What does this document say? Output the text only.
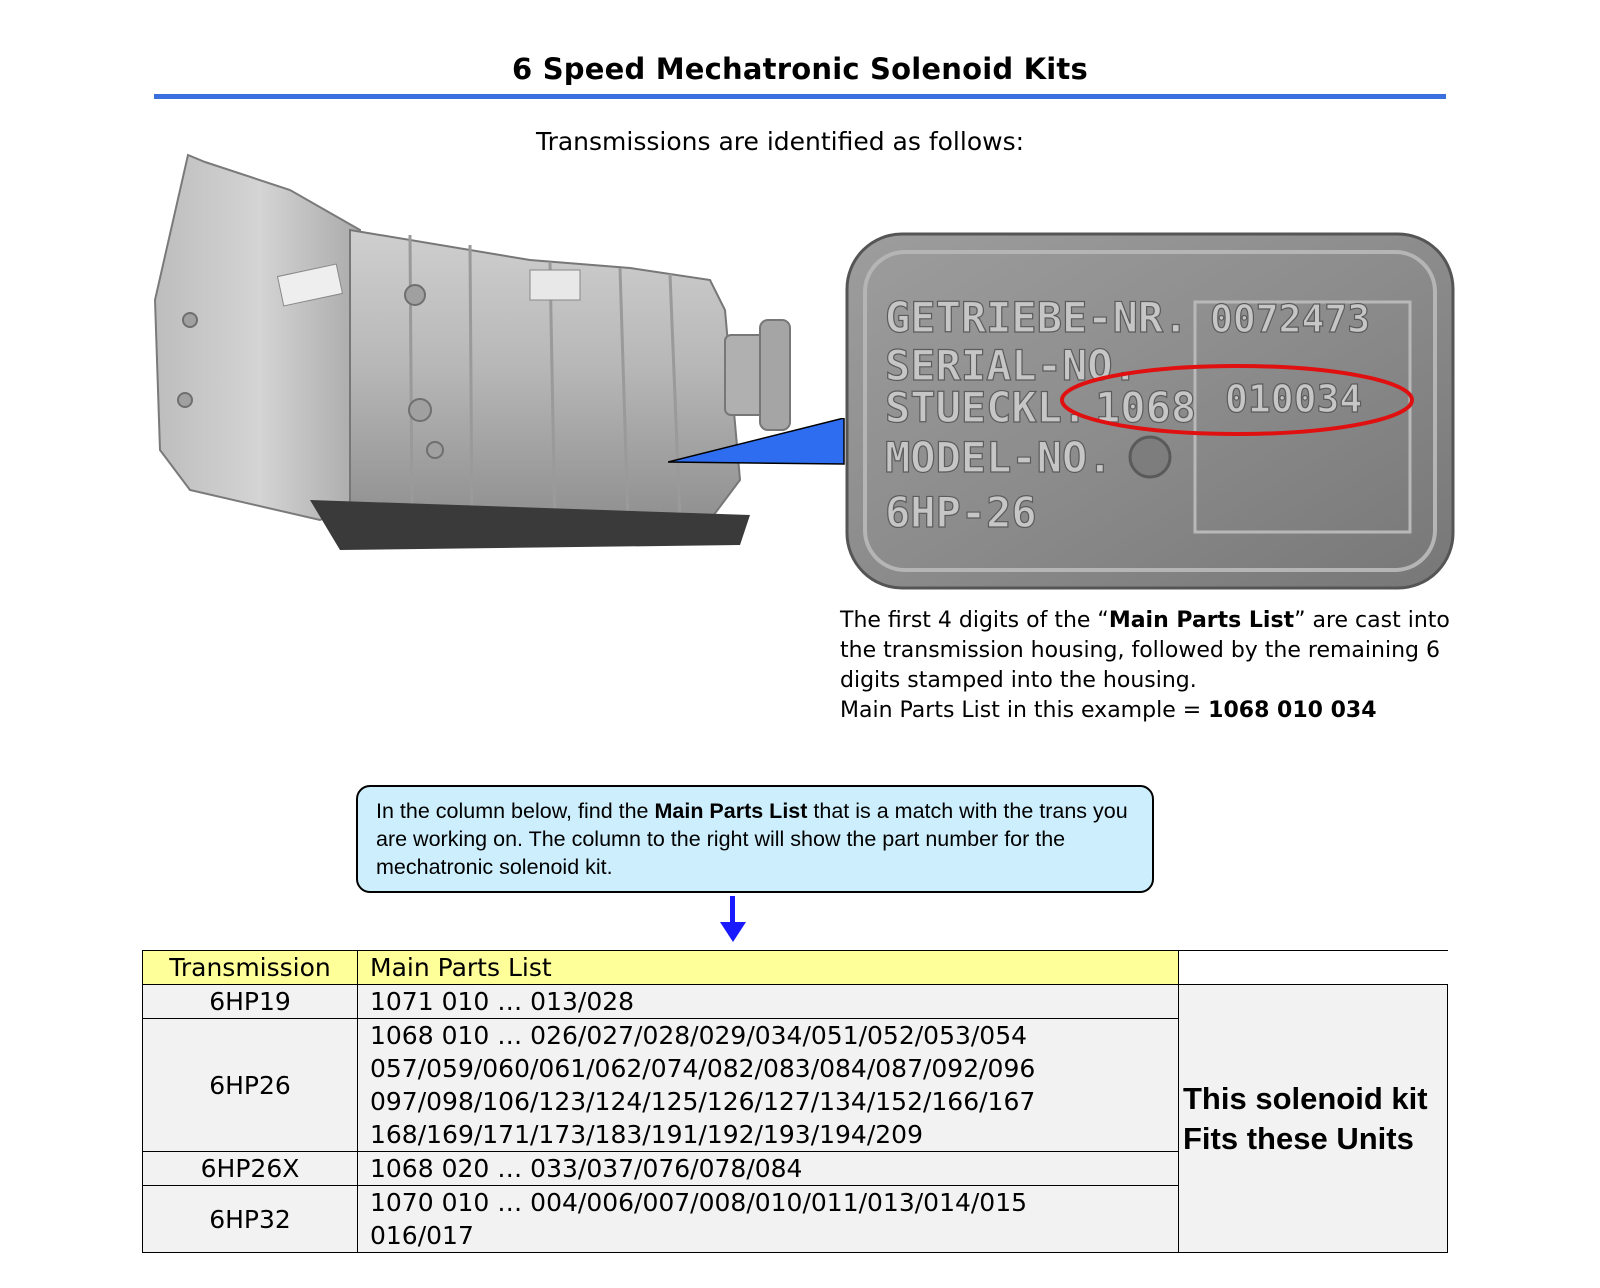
6 Speed Mechatronic Solenoid Kits
Transmissions are identified as follows:
GETRIEBE-NR. 0072473
SERIAL-NO.
STUECKL. 1068 010034
MODEL-NO.
6HP-26
The first 4 digits of the “Main Parts List” are cast into the transmission housing, followed by the remaining 6 digits stamped into the housing.
Main Parts List in this example = 1068 010 034
In the column below, find the Main Parts List that is a match with the trans you are working on. The column to the right will show the part number for the mechatronic solenoid kit.
Transmission	Main Parts List	
6HP19	1071 010 … 013/028	This solenoid kit
Fits these Units

6HP26	1068 010 … 026/027/028/029/034/051/052/053/054
057/059/060/061/062/074/082/083/084/087/092/096
097/098/106/123/124/125/126/127/134/152/166/167
168/169/171/173/183/191/192/193/194/209	

6HP26X	1068 020 … 033/037/076/078/084	

6HP32	1070 010 … 004/006/007/008/010/011/013/014/015
016/017	
